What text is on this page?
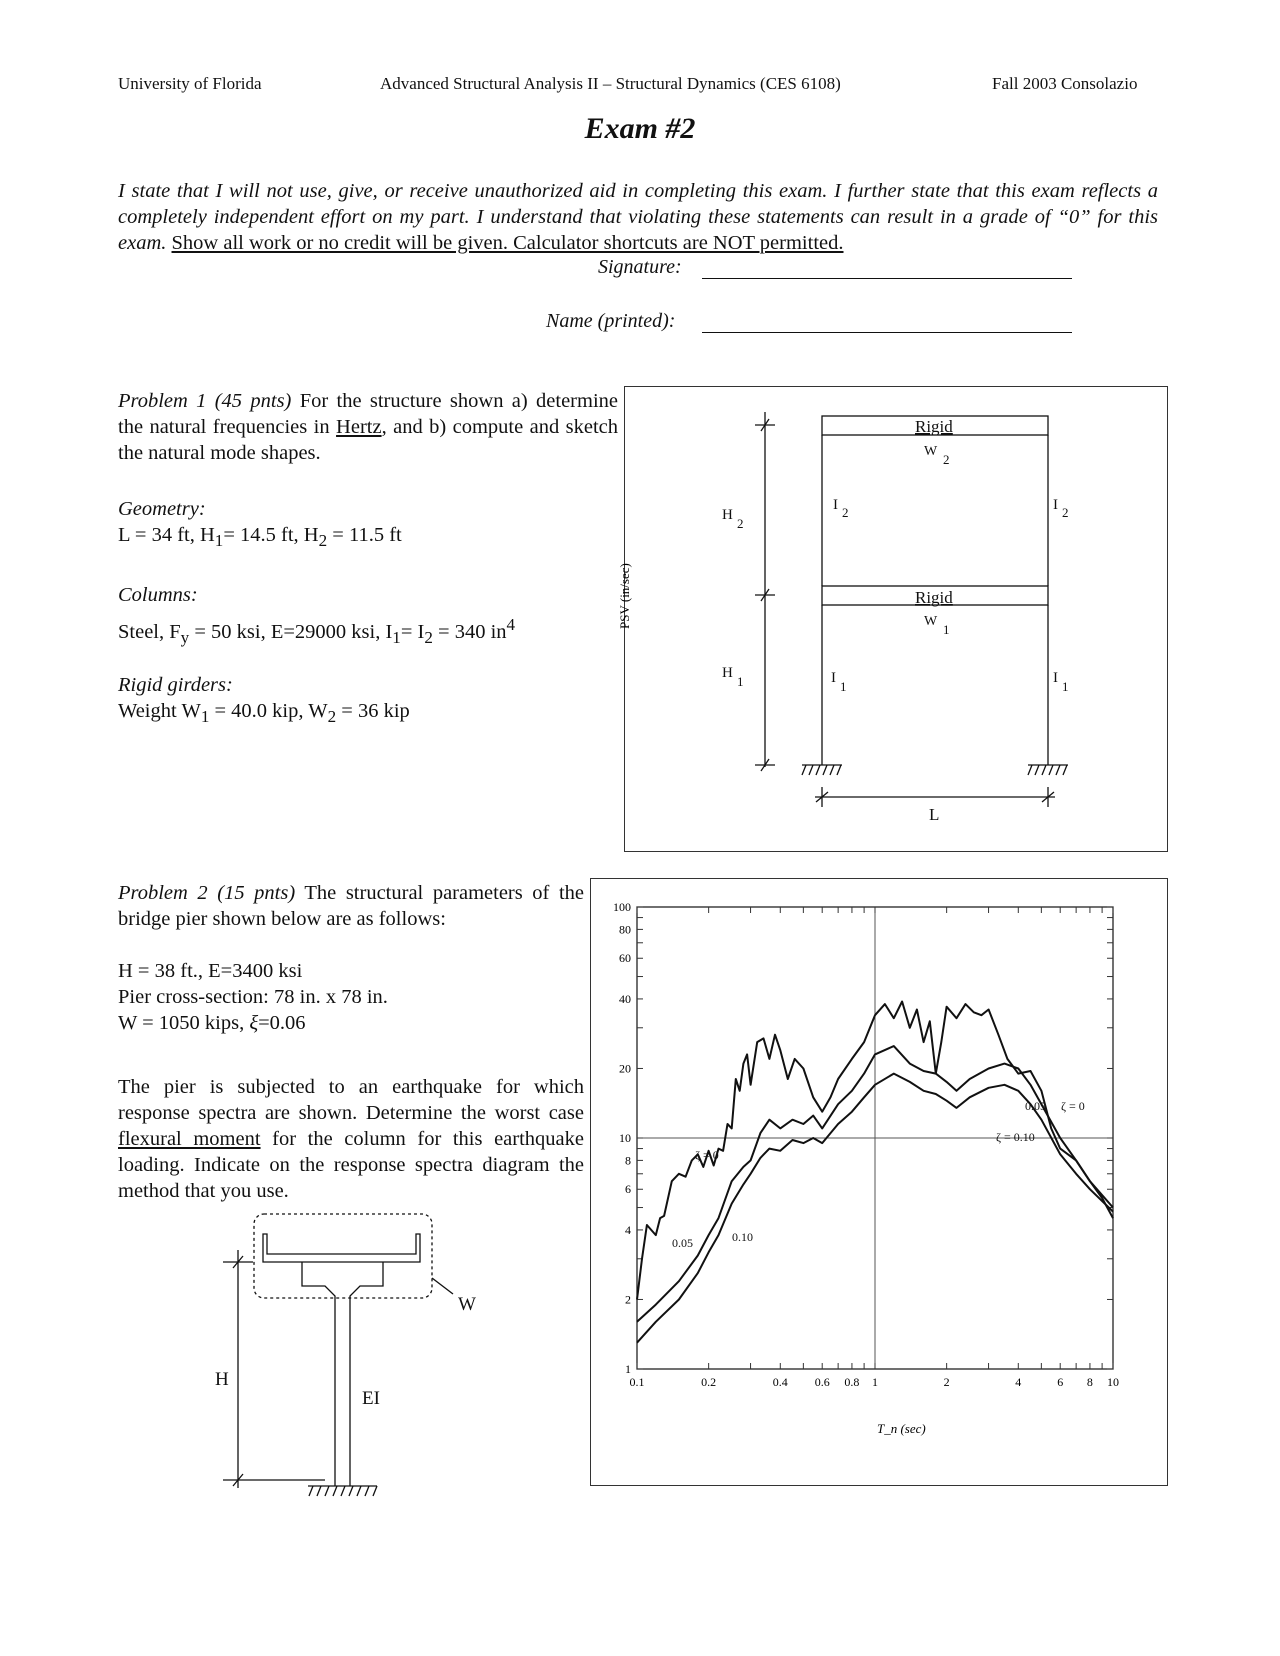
University of Florida	Advanced Structural Analysis II – Structural Dynamics (CES 6108)	Fall 2003 Consolazio
Exam #2
I state that I will not use, give, or receive unauthorized aid in completing this exam. I further state that this exam reflects a completely independent effort on my part. I understand that violating these statements can result in a grade of “0” for this exam. Show all work or no credit will be given. Calculator shortcuts are NOT permitted.
Signature:
Name (printed):
Problem 1 (45 pnts) For the structure shown a) determine the natural frequencies in Hertz, and b) compute and sketch the natural mode shapes.
Geometry:
L = 34 ft, $H_1= 14.5$ ft, $H_2 = 11.5$ ft
Columns:
Steel, $F_y = 50$ ksi, E=29000 ksi, $I_1= I_2 = 340$ $in^4$
Rigid girders:
Weight $W_1 = 40.0$ kip, $W_2 = 36$ kip
Rigid
Rigid
W
2
W
1
H
2
H
1
I 2	I 2
I
1
I
1
L
Problem 2 (15 pnts) The structural parameters of the bridge pier shown below are as follows:
H = 38 ft., E=3400 ksi
Pier cross-section: 78 in. x 78 in.
W = 1050 kips, ξ=0.06
The pier is subjected to an earthquake for which response spectra are shown. Determine the worst case flexural moment for the column for this earthquake loading. Indicate on the response spectra diagram the method that you use.
W
H
EI
0.1	0.2	0.4 0.6 0.8 1	2	4	6 8 10
1
2
4
6
8
10
20
40
60
80
100
PSV (in/sec)
T_n (sec)
ζ = 0
0.05	0.10
0.05 ζ = 0
ζ = 0.10
